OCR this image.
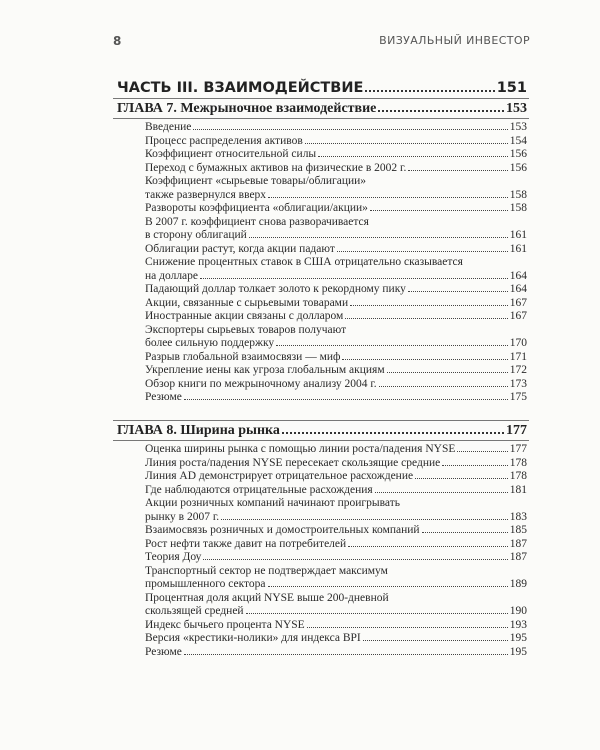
8	ВИЗУАЛЬНЫЙ ИНВЕСТОР
ЧАСТЬ III. ВЗАИМОДЕЙСТВИЕ	151
ГЛАВА 7. Межрыночное взаимодействие	153
Введение	153
Процесс распределения активов	154
Коэффициент относительной силы	156
Переход с бумажных активов на физические в 2002 г.	156
Коэффициент «сырьевые товары/облигации»
также развернулся вверх	158
Развороты коэффициента «облигации/акции»	158
В 2007 г. коэффициент снова разворачивается
в сторону облигаций	161
Облигации растут, когда акции падают	161
Снижение процентных ставок в США отрицательно сказывается
на долларе	164
Падающий доллар толкает золото к рекордному пику	164
Акции, связанные с сырьевыми товарами	167
Иностранные акции связаны с долларом	167
Экспортеры сырьевых товаров получают
более сильную поддержку	170
Разрыв глобальной взаимосвязи — миф	171
Укрепление иены как угроза глобальным акциям	172
Обзор книги по межрыночному анализу 2004 г.	173
Резюме	175
ГЛАВА 8. Ширина рынка	177
Оценка ширины рынка с помощью линии роста/падения NYSE	177
Линия роста/падения NYSE пересекает скользящие средние	178
Линия AD демонстрирует отрицательное расхождение	178
Где наблюдаются отрицательные расхождения	181
Акции розничных компаний начинают проигрывать
рынку в 2007 г.	183
Взаимосвязь розничных и домостроительных компаний	185
Рост нефти также давит на потребителей	187
Теория Доу	187
Транспортный сектор не подтверждает максимум
промышленного сектора	189
Процентная доля акций NYSE выше 200-дневной
скользящей средней	190
Индекс бычьего процента NYSE	193
Версия «крестики-нолики» для индекса BPI	195
Резюме	195
